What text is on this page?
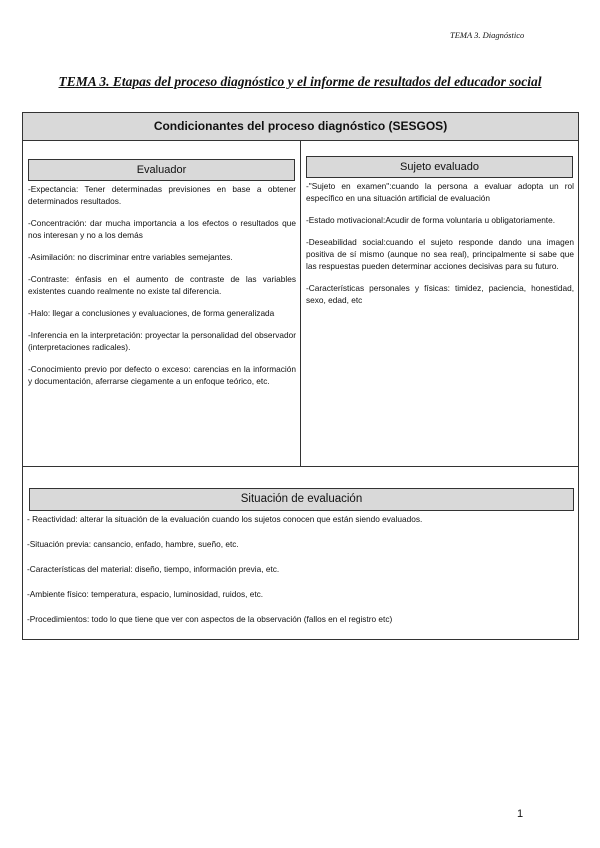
TEMA 3. Diagnóstico
TEMA 3. Etapas del proceso diagnóstico y el informe de resultados del educador social
Condicionantes del proceso diagnóstico (SESGOS)
Evaluador

-Expectancia: Tener determinadas previsiones en base a obtener determinados resultados.

-Concentración: dar mucha importancia a los efectos o resultados que nos interesan y no a los demás

-Asimilación: no discriminar entre variables semejantes.

-Contraste: énfasis en el aumento de contraste de las variables existentes cuando realmente no existe tal diferencia.

-Halo: llegar a conclusiones y evaluaciones, de forma generalizada

-Inferencia en la interpretación: proyectar la personalidad del observador (interpretaciones radicales).

-Conocimiento previo por defecto o exceso: carencias en la información y documentación, aferrarse ciegamente a un enfoque teórico, etc.

Sujeto evaluado

-"Sujeto en examen":cuando la persona a evaluar adopta un rol específico en una situación artificial de evaluación

-Estado motivacional:Acudir de forma voluntaria u obligatoriamente.

-Deseabilidad social:cuando el sujeto responde dando una imagen positiva de sí mismo (aunque no sea real), principalmente si sabe que las respuestas pueden determinar acciones decisivas para su futuro.

-Características personales y físicas: timidez, paciencia, honestidad, sexo, edad, etc

Situación de evaluación

- Reactividad: alterar la situación de la evaluación cuando los sujetos conocen que están siendo evaluados.

-Situación previa: cansancio, enfado, hambre, sueño, etc.

-Características del material: diseño, tiempo, información previa, etc.

-Ambiente físico: temperatura, espacio, luminosidad, ruidos, etc.

-Procedimientos: todo lo que tiene que ver con aspectos de la observación (fallos en el registro etc)

1
